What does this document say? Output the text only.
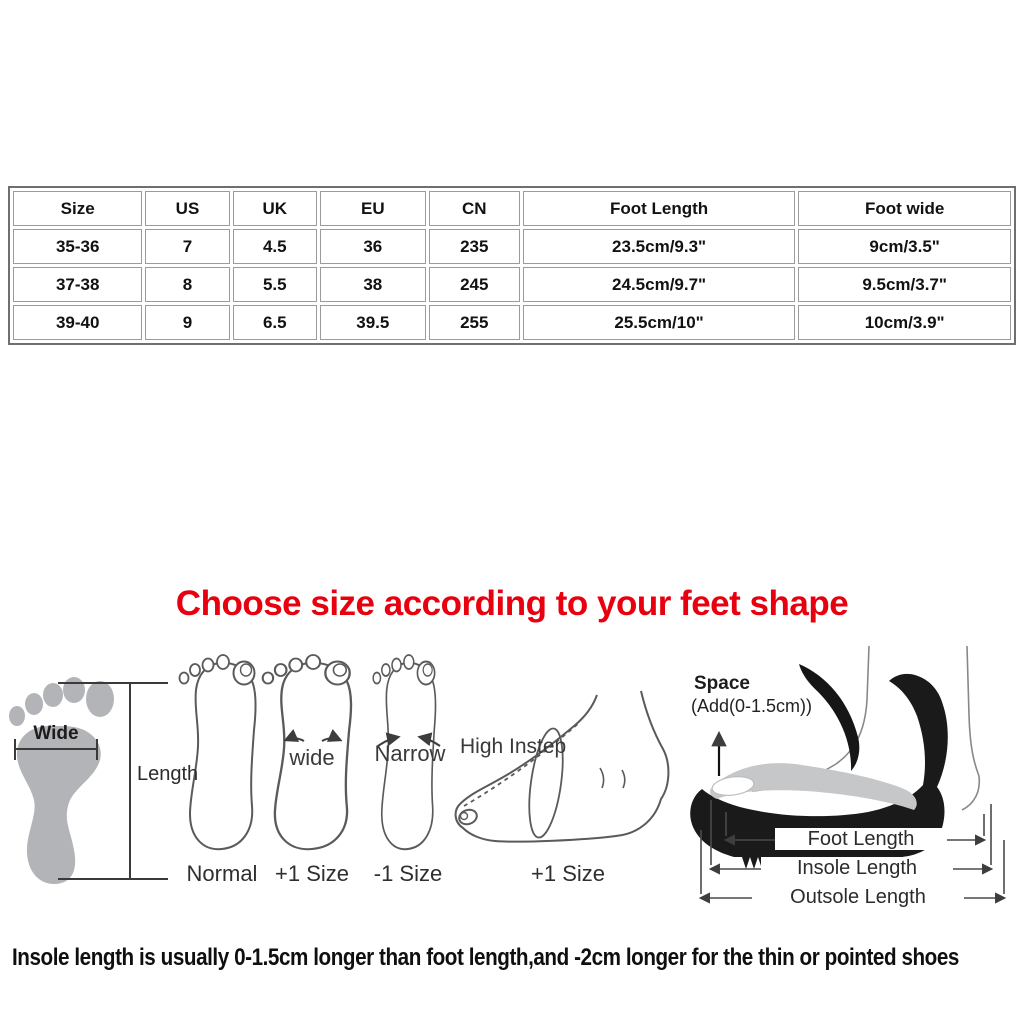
Size	US	UK	EU	CN	Foot Length	Foot wide
35-36	7	4.5	36	235	23.5cm/9.3"	9cm/3.5"
37-38	8	5.5	38	245	24.5cm/9.7"	9.5cm/3.7"
39-40	9	6.5	39.5	255	25.5cm/10"	10cm/3.9"
Choose size according to your feet shape
Wide
Length
wide	Narrow High Instep
Normal +1 Size	-1 Size	+1 Size
Space
(Add(0-1.5cm))
Foot Length
Insole Length
Outsole Length
Insole length is usually 0-1.5cm longer than foot length,and -2cm longer for the thin or pointed shoes
